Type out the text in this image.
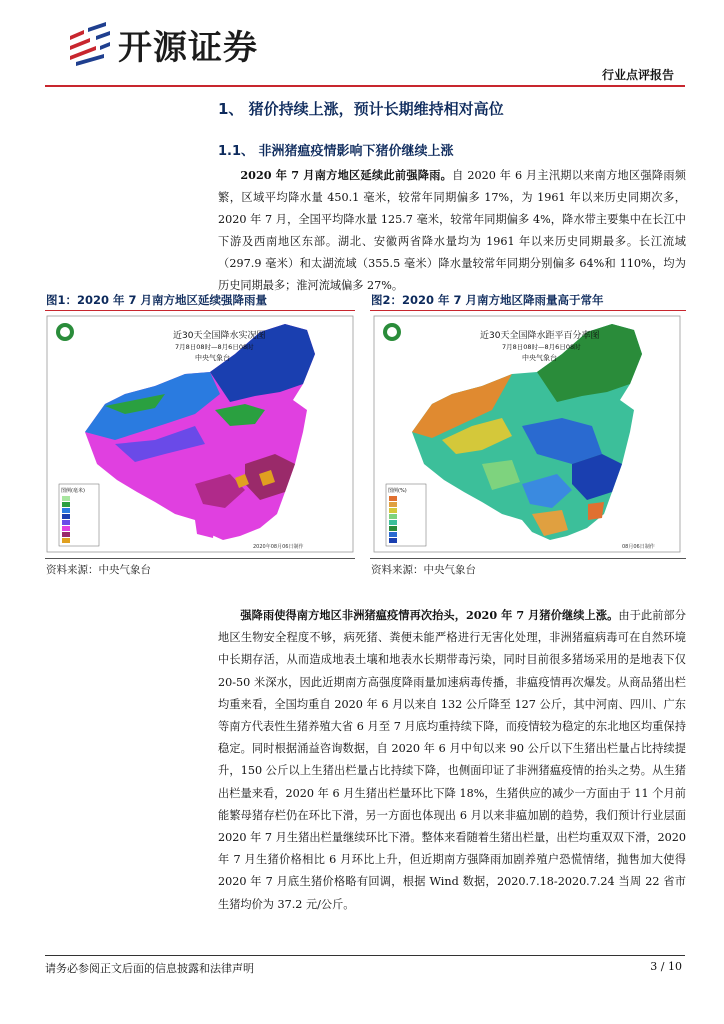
开源证券
行业点评报告
1、 猪价持续上涨，预计长期维持相对高位
1.1、 非洲猪瘟疫情影响下猪价继续上涨

2020 年 7 月南方地区延续此前强降雨。自 2020 年 6 月主汛期以来南方地区强降雨频繁，区域平均降水量 450.1 毫米，较常年同期偏多 17%，为 1961 年以来历史同期次多，2020 年 7 月，全国平均降水量 125.7 毫米，较常年同期偏多 4%，降水带主要集中在长江中下游及西南地区东部。湖北、安徽两省降水量均为 1961 年以来历史同期最多。长江流域（297.9 毫米）和太湖流域（355.5 毫米）降水量较常年同期分别偏多 64%和 110%，均为历史同期最多；淮河流域偏多 27%。

图1：2020 年 7 月南方地区延续强降雨量	图2：2020 年 7 月南方地区降雨量高于常年
近30天全国降水实况图
7月8日08时—8月6日08时
中央气象台
图例(毫米)
2020年08月06日制作
近30天全国降水距平百分率图
7月8日08时—8月6日08时
中央气象台
图例(%)
08月06日制作
资料来源：中央气象台	资料来源：中央气象台

强降雨使得南方地区非洲猪瘟疫情再次抬头，2020 年 7 月猪价继续上涨。由于此前部分地区生物安全程度不够，病死猪、粪便未能严格进行无害化处理，非洲猪瘟病毒可在自然环境中长期存活，从而造成地表土壤和地表水长期带毒污染，同时目前很多猪场采用的是地表下仅 20-50 米深水，因此近期南方高强度降雨量加速病毒传播，非瘟疫情再次爆发。从商品猪出栏均重来看，全国均重自 2020 年 6 月以来自 132 公斤降至 127 公斤，其中河南、四川、广东等南方代表性生猪养殖大省 6 月至 7 月底均重持续下降，而疫情较为稳定的东北地区均重保持稳定。同时根据涌益咨询数据，自 2020 年 6 月中旬以来 90 公斤以下生猪出栏量占比持续提升，150 公斤以上生猪出栏量占比持续下降，也侧面印证了非洲猪瘟疫情的抬头之势。从生猪出栏量来看，2020 年 6 月生猪出栏量环比下降 18%，生猪供应的减少一方面由于 11 个月前能繁母猪存栏仍在环比下滑，另一方面也体现出 6 月以来非瘟加剧的趋势，我们预计行业层面 2020 年 7 月生猪出栏量继续环比下滑。整体来看随着生猪出栏量，出栏均重双双下滑，2020 年 7 月生猪价格相比 6 月环比上升，但近期南方强降雨加剧养殖户恐慌情绪，抛售加大使得 2020 年 7 月底生猪价格略有回调，根据 Wind 数据，2020.7.18-2020.7.24 当周 22 省市生猪均价为 37.2 元/公斤。

请务必参阅正文后面的信息披露和法律声明	3 / 10
